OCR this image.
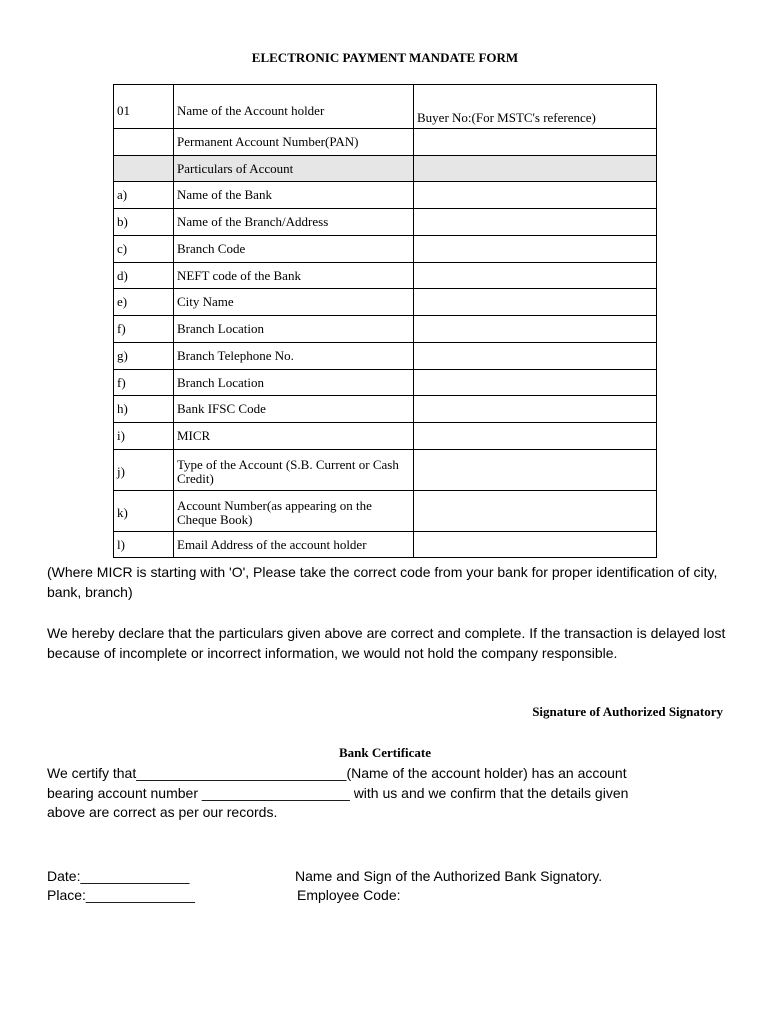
ELECTRONIC PAYMENT MANDATE FORM
01	Name of the Account holder	Buyer No:(For MSTC's reference)
	Permanent Account Number(PAN)	
	Particulars of Account	
a)	Name of the Bank	
b)	Name of the Branch/Address	
c)	Branch Code	
d)	NEFT code of the Bank	
e)	City Name	
f)	Branch Location	
g)	Branch Telephone No.	
f)	Branch Location	
h)	Bank IFSC Code	
i)	MICR	
j)	Type of the Account (S.B. Current or Cash Credit)	
k)	Account Number(as appearing on the Cheque Book)	
l)	Email Address of the account holder	
(Where MICR is starting with 'O', Please take the correct code from your bank for proper identification of city, bank, branch)
We hereby declare that the particulars given above are correct and complete. If the transaction is delayed lost because of incomplete or incorrect information, we would not hold the company responsible.
Signature of Authorized Signatory
Bank Certificate
We certify that___________________________(Name of the account holder) has an account
bearing account number ___________________ with us and we confirm that the details given
above are correct as per our records.
Date:______________
Place:______________
Name and Sign of the Authorized Bank Signatory.
Employee Code:
